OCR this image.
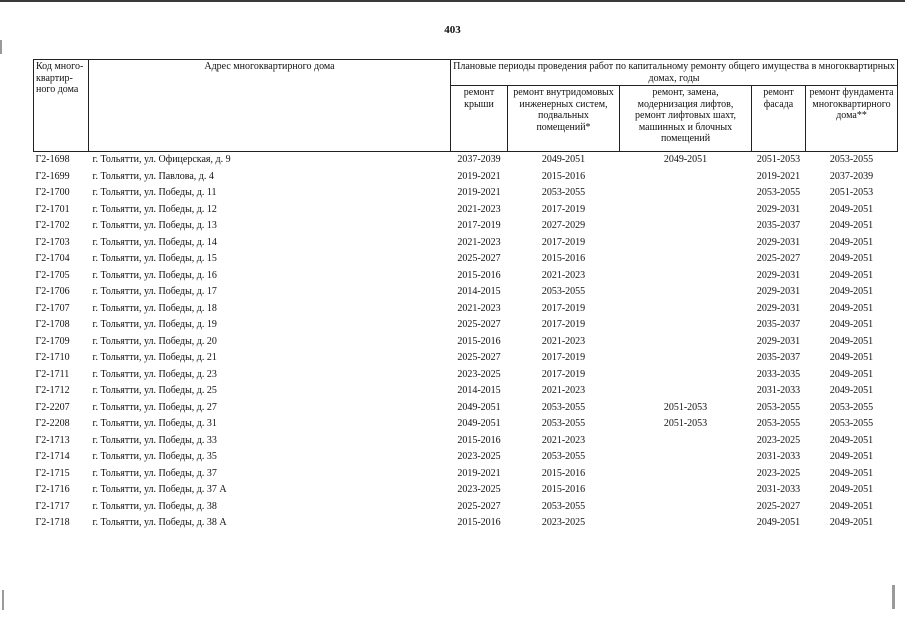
403
Код много-квартир-ного дома	Адрес многоквартирного дома	Плановые периоды проведения работ по капитальному ремонту общего имущества в многоквартирных домах, годы				
		ремонт крыши	ремонт внутридомовых инженерных систем, подвальных помещений*	ремонт, замена, модернизация лифтов, ремонт лифтовых шахт, машинных и блочных помещений	ремонт фасада	ремонт фундамента многоквартирного дома**
Г2-1698	г. Тольятти, ул. Офицерская, д. 9	2037-2039	2049-2051	2049-2051	2051-2053	2053-2055
Г2-1699	г. Тольятти, ул. Павлова, д. 4	2019-2021	2015-2016		2019-2021	2037-2039
Г2-1700	г. Тольятти, ул. Победы, д. 11	2019-2021	2053-2055		2053-2055	2051-2053
Г2-1701	г. Тольятти, ул. Победы, д. 12	2021-2023	2017-2019		2029-2031	2049-2051
Г2-1702	г. Тольятти, ул. Победы, д. 13	2017-2019	2027-2029		2035-2037	2049-2051
Г2-1703	г. Тольятти, ул. Победы, д. 14	2021-2023	2017-2019		2029-2031	2049-2051
Г2-1704	г. Тольятти, ул. Победы, д. 15	2025-2027	2015-2016		2025-2027	2049-2051
Г2-1705	г. Тольятти, ул. Победы, д. 16	2015-2016	2021-2023		2029-2031	2049-2051
Г2-1706	г. Тольятти, ул. Победы, д. 17	2014-2015	2053-2055		2029-2031	2049-2051
Г2-1707	г. Тольятти, ул. Победы, д. 18	2021-2023	2017-2019		2029-2031	2049-2051
Г2-1708	г. Тольятти, ул. Победы, д. 19	2025-2027	2017-2019		2035-2037	2049-2051
Г2-1709	г. Тольятти, ул. Победы, д. 20	2015-2016	2021-2023		2029-2031	2049-2051
Г2-1710	г. Тольятти, ул. Победы, д. 21	2025-2027	2017-2019		2035-2037	2049-2051
Г2-1711	г. Тольятти, ул. Победы, д. 23	2023-2025	2017-2019		2033-2035	2049-2051
Г2-1712	г. Тольятти, ул. Победы, д. 25	2014-2015	2021-2023		2031-2033	2049-2051
Г2-2207	г. Тольятти, ул. Победы, д. 27	2049-2051	2053-2055	2051-2053	2053-2055	2053-2055
Г2-2208	г. Тольятти, ул. Победы, д. 31	2049-2051	2053-2055	2051-2053	2053-2055	2053-2055
Г2-1713	г. Тольятти, ул. Победы, д. 33	2015-2016	2021-2023		2023-2025	2049-2051
Г2-1714	г. Тольятти, ул. Победы, д. 35	2023-2025	2053-2055		2031-2033	2049-2051
Г2-1715	г. Тольятти, ул. Победы, д. 37	2019-2021	2015-2016		2023-2025	2049-2051
Г2-1716	г. Тольятти, ул. Победы, д. 37 А	2023-2025	2015-2016		2031-2033	2049-2051
Г2-1717	г. Тольятти, ул. Победы, д. 38	2025-2027	2053-2055		2025-2027	2049-2051
Г2-1718	г. Тольятти, ул. Победы, д. 38 А	2015-2016	2023-2025		2049-2051	2049-2051
